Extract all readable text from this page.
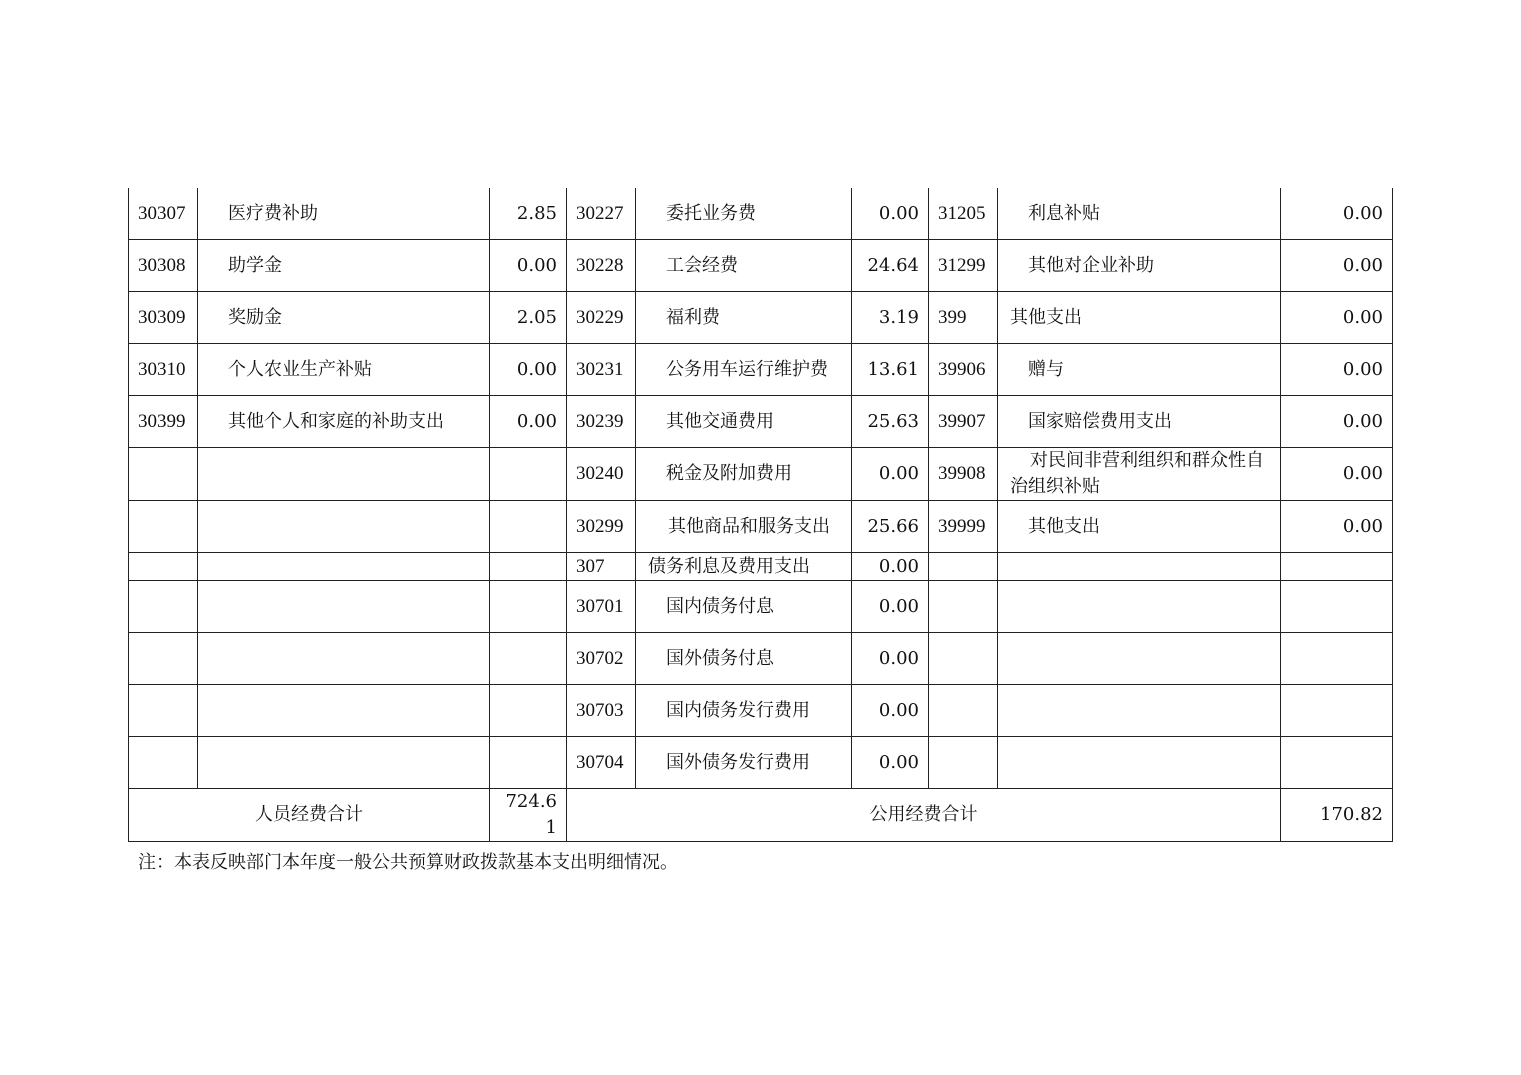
30307	医疗费补助	2.85	30227	委托业务费	0.00	31205	利息补贴	0.00
30308	助学金	0.00	30228	工会经费	24.64	31299	其他对企业补助	0.00
30309	奖励金	2.05	30229	福利费	3.19	399	其他支出	0.00
30310	个人农业生产补贴	0.00	30231	公务用车运行维护费	13.61	39906	赠与	0.00
30399	其他个人和家庭的补助支出	0.00	30239	其他交通费用	25.63	39907	国家赔偿费用支出	0.00
			30240	税金及附加费用	0.00	39908	对民间非营利组织和群众性自治组织补贴	0.00
			30299	其他商品和服务支出	25.66	39999	其他支出	0.00
			307	债务利息及费用支出	0.00			
			30701	国内债务付息	0.00			
			30702	国外债务付息	0.00			
			30703	国内债务发行费用	0.00			
			30704	国外债务发行费用	0.00			
人员经费合计		724.61	公用经费合计					170.82
注：本表反映部门本年度一般公共预算财政拨款基本支出明细情况。
